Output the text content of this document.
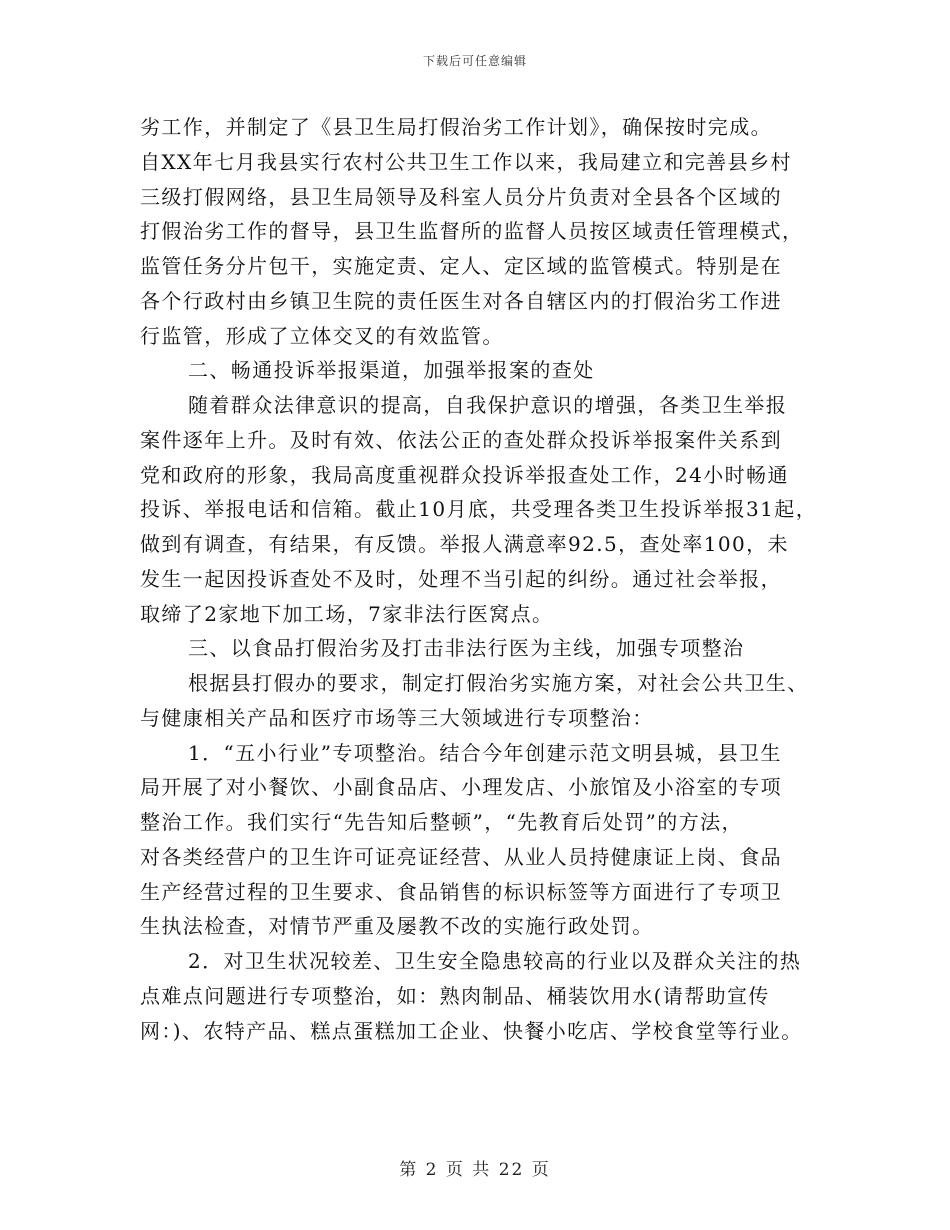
下载后可任意编辑
劣工作，并制定了《县卫生局打假治劣工作计划》，确保按时完成。
自XX年七月我县实行农村公共卫生工作以来，我局建立和完善县乡村
三级打假网络，县卫生局领导及科室人员分片负责对全县各个区域的
打假治劣工作的督导，县卫生监督所的监督人员按区域责任管理模式，
监管任务分片包干，实施定责、定人、定区域的监管模式。特别是在
各个行政村由乡镇卫生院的责任医生对各自辖区内的打假治劣工作进
行监管，形成了立体交叉的有效监管。
二、畅通投诉举报渠道，加强举报案的查处
随着群众法律意识的提高，自我保护意识的增强，各类卫生举报
案件逐年上升。及时有效、依法公正的查处群众投诉举报案件关系到
党和政府的形象，我局高度重视群众投诉举报查处工作，24小时畅通
投诉、举报电话和信箱。截止10月底，共受理各类卫生投诉举报31起，
做到有调查，有结果，有反馈。举报人满意率92.5，查处率100，未
发生一起因投诉查处不及时，处理不当引起的纠纷。通过社会举报，
取缔了2家地下加工场，7家非法行医窝点。
三、以食品打假治劣及打击非法行医为主线，加强专项整治
根据县打假办的要求，制定打假治劣实施方案，对社会公共卫生、
与健康相关产品和医疗市场等三大领域进行专项整治：
1．“五小行业”专项整治。结合今年创建示范文明县城，县卫生
局开展了对小餐饮、小副食品店、小理发店、小旅馆及小浴室的专项
整治工作。我们实行“先告知后整顿”，“先教育后处罚”的方法，
对各类经营户的卫生许可证亮证经营、从业人员持健康证上岗、食品
生产经营过程的卫生要求、食品销售的标识标签等方面进行了专项卫
生执法检查，对情节严重及屡教不改的实施行政处罚。
2．对卫生状况较差、卫生安全隐患较高的行业以及群众关注的热
点难点问题进行专项整治，如：熟肉制品、桶装饮用水(请帮助宣传
网：)、农特产品、糕点蛋糕加工企业、快餐小吃店、学校食堂等行业。
第 2 页 共 22 页
